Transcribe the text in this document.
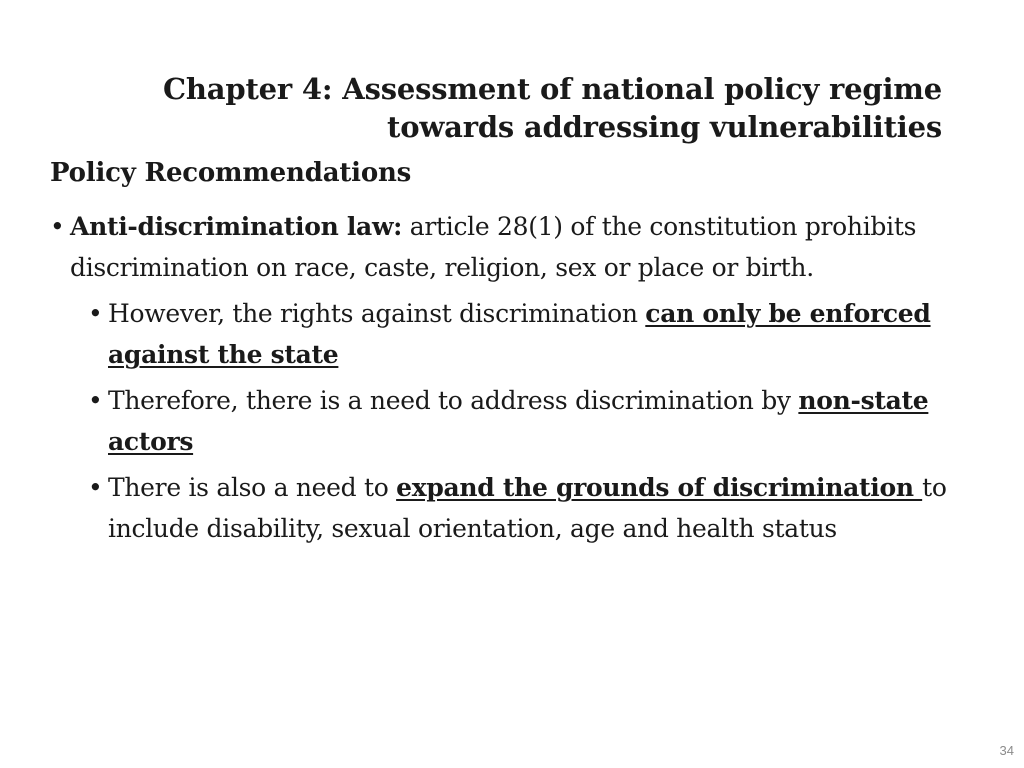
Chapter 4: Assessment of national policy regime
towards addressing vulnerabilities
Policy Recommendations
• Anti-discrimination law: article 28(1) of the constitution prohibits discrimination on race, caste, religion, sex or place or birth.
• However, the rights against discrimination can only be enforced against the state
• Therefore, there is a need to address discrimination by non-state actors
• There is also a need to expand the grounds of discrimination to include disability, sexual orientation, age and health status
34
